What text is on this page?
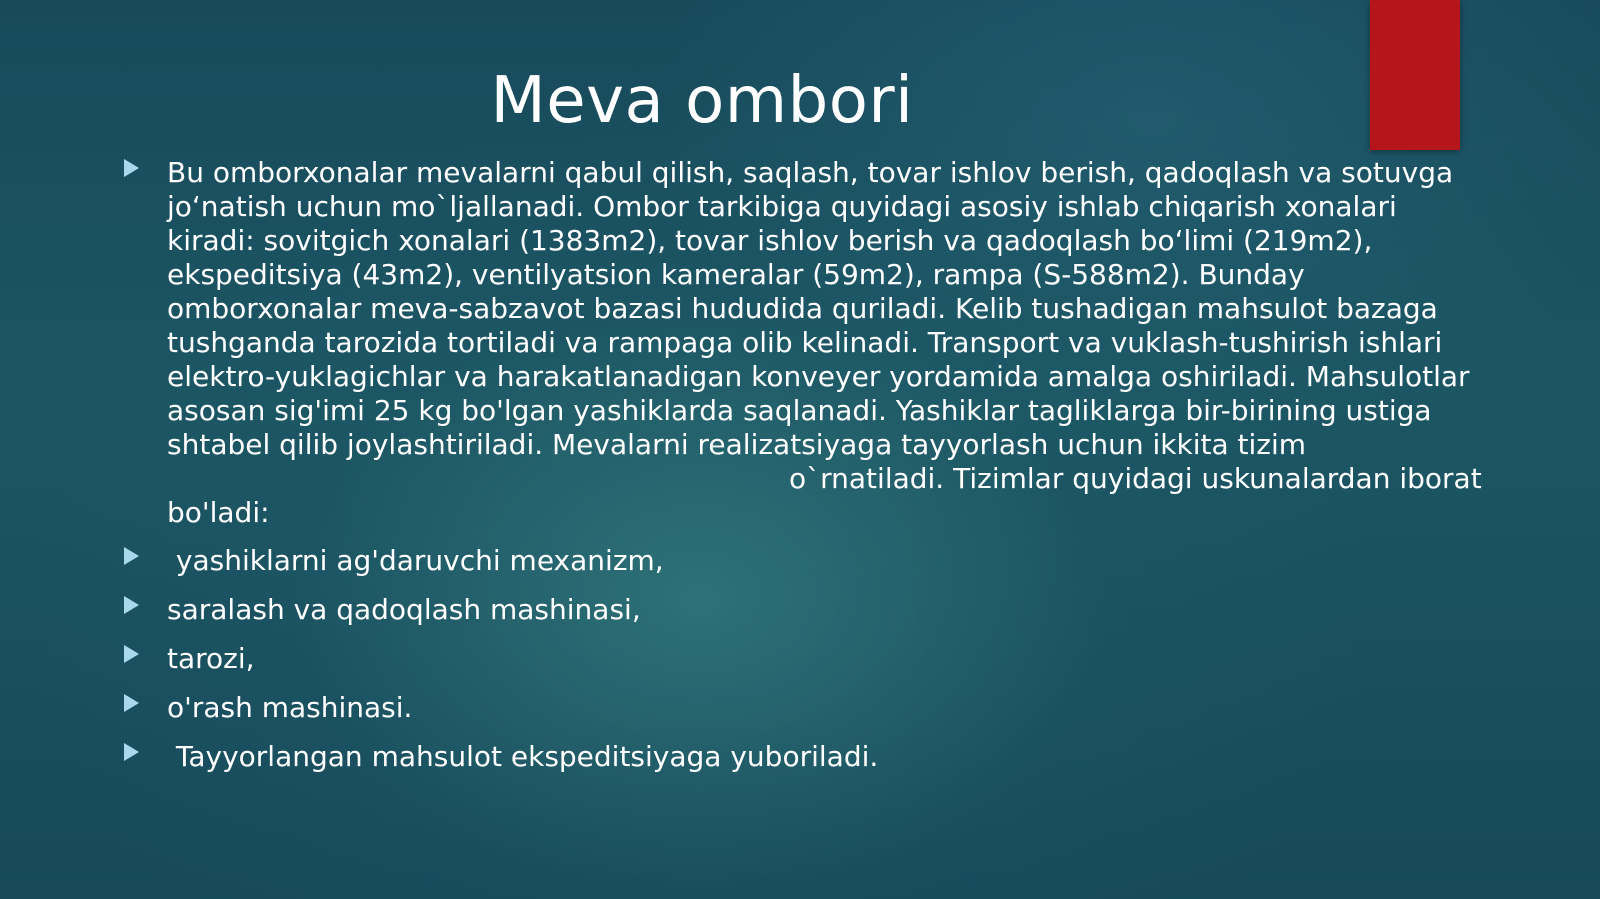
Meva ombori
Bu omborxonalar mevalarni qabul qilish, saqlash, tovar ishlov berish, qadoqlash va sotuvga jo‘natish uchun mo`ljallanadi. Ombor tarkibiga quyidagi asosiy ishlab chiqarish xonalari kiradi: sovitgich xonalari (1383m2), tovar ishlov berish va qadoqlash bo‘limi (219m2), ekspeditsiya (43m2), ventilyatsion kameralar (59m2), rampa (S-588m2). Bunday omborxonalar meva-sabzavot bazasi hududida quriladi. Kelib tushadigan mahsulot bazaga tushganda tarozida tortiladi va rampaga olib kelinadi. Transport va vuklash-tushirish ishlari elektro-yuklagichlar va harakatlanadigan konveyer yordamida amalga oshiriladi. Mahsulotlar asosan sig'imi 25 kg bo'lgan yashiklarda saqlanadi. Yashiklar tagliklarga bir-birining ustiga shtabel qilib joylashtiriladi. Mevalarni realizatsiyaga tayyorlash uchun ikkita tizimo`rnatiladi. Tizimlar quyidagi uskunalardan iborat bo'ladi:
yashiklarni ag'daruvchi mexanizm,
saralash va qadoqlash mashinasi,
tarozi,
o'rash mashinasi.
Tayyorlangan mahsulot ekspeditsiyaga yuboriladi.
